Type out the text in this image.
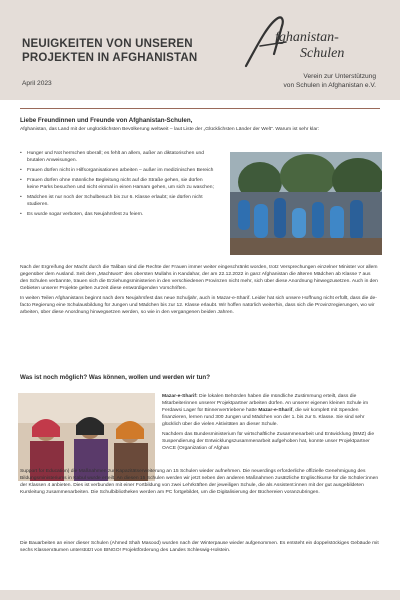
NEUIGKEITEN VON UNSEREN PROJEKTEN IN AFGHANISTAN
April 2023
fghanistan-
Schulen
Verein zur Unterstützung
von Schulen in Afghanistan e.V.
Liebe Freundinnen und Freunde von Afghanistan-Schulen,

Afghanistan, das Land mit der unglücklichsten Bevölkerung weltweit – laut Liste der „Glücklichsten Länder der Welt“. Warum ist sehr klar:

• Hunger und Not herrschen überall; es fehlt an allem, außer an diktatorischen und brutalen Anweisungen.
• Frauen dürfen nicht in Hilfsorganisationen arbeiten – außer im medizinischen Bereich
• Frauen dürfen ohne männliche Begleitung nicht auf die Straße gehen, sie dürfen keine Parks besuchen und nicht einmal in einen Hamam gehen, um sich zu waschen;
• Mädchen ist nur noch der Schulbesuch bis zur 6. Klasse erlaubt; sie dürfen nicht studieren.
• Es wurde sogar verboten, das Neujahrsfest zu feiern.

Nach der Ergreifung der Macht durch die Taliban sind die Rechte der Frauen immer weiter eingeschränkt worden, trotz Versprechungen einzelner Minister vor allem gegenüber dem Ausland. Seit dem „Machtwort“ des obersten Mullahs in Kandahar, der am 22.12.2022 in ganz Afghanistan die älteren Mädchen ab Klasse 7 aus den Schulen verbannte, trauen sich die Erziehungsministerien in den verschiedenen Provinzen nicht mehr, sich über diese Anordnung hinwegzusetzen. Auch in den Gebieten unserer Projekte gelten zurzeit diese entwürdigenden Vorschriften.

In weiten Teilen Afghanistans beginnt nach dem Neujahrsfest das neue Schuljahr, auch in Mazar-e-Sharif. Leider hat sich unsere Hoffnung nicht erfüllt, dass die de-facto Regierung eine Schulausbildung für Jungen und Mädchen bis zur 12. Klasse erlaubt. Wir hoffen natürlich weiterhin, dass sich die Provinzregierungen, wo wir arbeiten, über diese Anordnung hinwegsetzen werden, so wie in den vergangenen beiden Jahren.

Was ist noch möglich? Was können, wollen und werden wir tun?

Mazar-e-Sharif: Die lokalen Behörden haben die mündliche Zustimmung erteilt, dass die Mitarbeiterinnen unserer Projektpartner arbeiten dürfen. An unserer eigenen kleinen Schule im Ferdawsi Lager für Binnenvertriebene hatte Mazar-e-Sharif, die wir komplett mit Spenden finanzieren, lernen rund 300 Jungen und Mädchen von der 1. bis zur 5. Klasse. Sie sind sehr glücklich über die vielen Aktivitäten an dieser Schule.

Nachdem das Bundesministerium für wirtschaftliche Zusammenarbeit und Entwicklung (BMZ) die Suspendierung der Entwicklungszusammenarbeit aufgehoben hat, konnte unser Projektpartner OACE (Organization of Afghan

Support for Education) die Maßnahmen zur Kapazitätserweiterung an 15 Schulen wieder aufnehmen. Die neuerdings erforderliche offizielle Genehmigung des Bildungsministeriums in Kabul wurde erteilt. An diesen 15 Schulen werden wir jetzt neben den anderen Maßnahmen zusätzliche Englischkurse für die Schüler:innen der Klassen 4 anbieten. Dies ist verbunden mit einer Fortbildung von zwei Lehrkräften der jeweiligen Schule, die als Assistent:innen mit der gut ausgebildeten Kursleitung zusammenarbeiten. Die Schulbibliotheken werden am PC fortgebildet, um die Digitalisierung der Büchereien voranzubringen.

Die Bauarbeiten an einer dieser Schulen (Ahmed Shah Masood) wurden nach der Winterpause wieder aufgenommen. Es entsteht ein doppelstöckiges Gebäude mit sechs Klassenräumen unterstützt von BINGO! Projektförderung des Landes Schleswig-Holstein.
